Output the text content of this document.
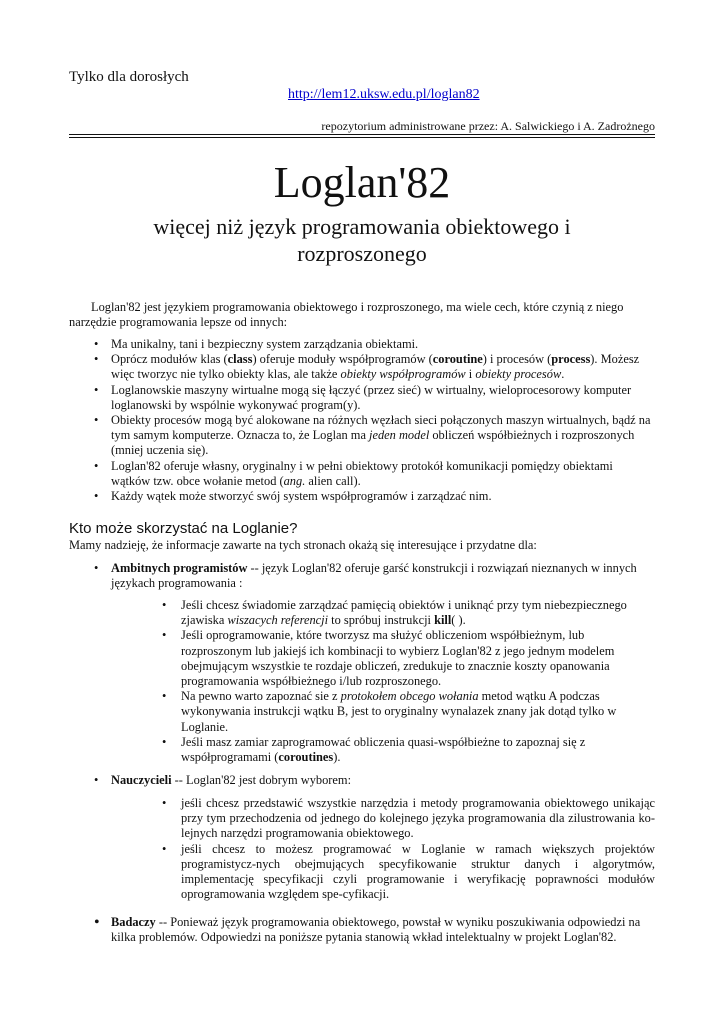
Tylko dla dorosłych
http://lem12.uksw.edu.pl/loglan82
repozytorium administrowane przez: A. Salwickiego i A. Zadrożnego
Loglan'82
więcej niż język programowania obiektowego i
rozproszonego
Loglan'82 jest językiem programowania obiektowego i rozproszonego, ma wiele cech, które czynią z niego narzędzie programowania lepsze od innych:
• Ma unikalny, tani i bezpieczny system zarządzania obiektami.
• Oprócz modułów klas (class) oferuje moduły współprogramów (coroutine) i procesów (process). Możesz więc tworzyc nie tylko obiekty klas, ale także obiekty współprogramów i obiekty procesów.
• Loglanowskie maszyny wirtualne mogą się łączyć (przez sieć) w wirtualny, wieloprocesorowy komputer loglanowski by wspólnie wykonywać program(y).
• Obiekty procesów mogą być alokowane na różnych węzłach sieci połączonych maszyn wirtualnych, bądź na tym samym komputerze. Oznacza to, że Loglan ma jeden model obliczeń współbieżnych i rozproszonych (mniej uczenia się).
• Loglan'82 oferuje własny, oryginalny i w pełni obiektowy protokół komunikacji pomiędzy obiektami wątków tzw. obce wołanie metod (ang. alien call).
• Każdy wątek może stworzyć swój system współprogramów i zarządzać nim.
Kto może skorzystać na Loglanie?
Mamy nadzieję, że informacje zawarte na tych stronach okażą się interesujące i przydatne dla:
• Ambitnych programistów -- język Loglan'82 oferuje garść konstrukcji i rozwiązań nieznanych w innych językach programowania :
• Jeśli chcesz świadomie zarządzać pamięcią obiektów i uniknąć przy tym niebezpiecznego zjawiska wiszacych referencji to spróbuj instrukcji kill( ).
• Jeśli oprogramowanie, które tworzysz ma służyć obliczeniom współbieżnym, lub rozproszonym lub jakiejś ich kombinacji to wybierz Loglan'82 z jego jednym modelem obejmującym wszystkie te rozdaje obliczeń, zredukuje to znacznie koszty opanowania programowania współbieżnego i/lub rozproszonego.
• Na pewno warto zapoznać sie z protokołem obcego wołania metod wątku A podczas wykonywania instrukcji wątku B, jest to oryginalny wynalazek znany jak dotąd tylko w Loglanie.
• Jeśli masz zamiar zaprogramować obliczenia quasi-współbieżne to zapoznaj się z współprogramami (coroutines).
• Nauczycieli -- Loglan'82 jest dobrym wyborem:
• jeśli chcesz przedstawić wszystkie narzędzia i metody programowania obiektowego unikając przy tym przechodzenia od jednego do kolejnego języka programowania dla zilustrowania ko-lejnych narzędzi programowania obiektowego.
• jeśli chcesz to możesz programować w Loglanie w ramach większych projektów programistycz-nych obejmujących specyfikowanie struktur danych i algorytmów, implementację specyfikacji czyli programowanie i weryfikację poprawności modułów oprogramowania względem spe-cyfikacji.
• Badaczy -- Ponieważ język programowania obiektowego, powstał w wyniku poszukiwania odpowiedzi na kilka problemów. Odpowiedzi na poniższe pytania stanowią wkład intelektualny w projekt Loglan'82.
